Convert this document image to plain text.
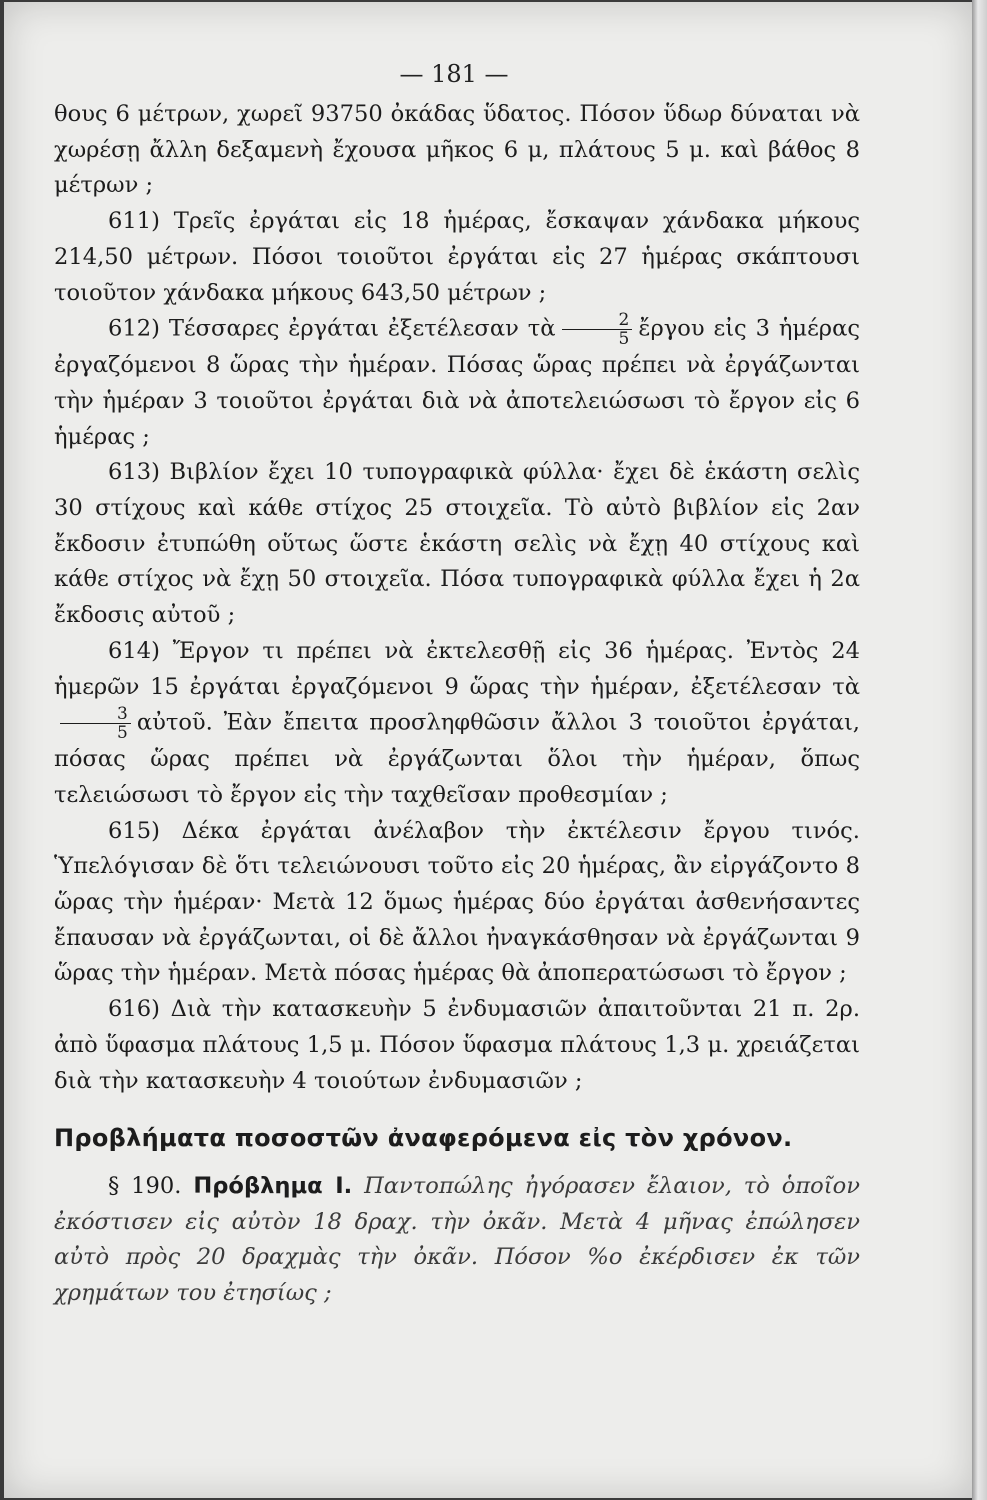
— 181 —

θους 6 μέτρων, χωρεῖ 93750 ὀκάδας ὕδατος. Πόσον ὕδωρ δύναται νὰ χωρέσῃ ἄλλη δεξαμενὴ ἔχουσα μῆκος 6 μ, πλάτους 5 μ. καὶ βάθος 8 μέτρων ;

611) Τρεῖς ἐργάται εἰς 18 ἡμέρας, ἔσκαψαν χάνδακα μήκους 214,50 μέτρων. Πόσοι τοιοῦτοι ἐργάται εἰς 27 ἡμέρας σκάπτουσι τοιοῦτον χάνδακα μήκους 643,50 μέτρων ;

612) Τέσσαρες ἐργάται ἐξετέλεσαν τὰ $\frac{2}{5}$ ἔργου εἰς 3 ἡμέρας ἐργαζόμενοι 8 ὥρας τὴν ἡμέραν. Πόσας ὥρας πρέπει νὰ ἐργάζωνται τὴν ἡμέραν 3 τοιοῦτοι ἐργάται διὰ νὰ ἀποτελειώσωσι τὸ ἔργον εἰς 6 ἡμέρας ;

613) Βιβλίον ἔχει 10 τυπογραφικὰ φύλλα· ἔχει δὲ ἑκάστη σελὶς 30 στίχους καὶ κάθε στίχος 25 στοιχεῖα. Τὸ αὐτὸ βιβλίον εἰς 2αν ἔκδοσιν ἐτυπώθη οὕτως ὥστε ἑκάστη σελὶς νὰ ἔχῃ 40 στίχους καὶ κάθε στίχος νὰ ἔχῃ 50 στοιχεῖα. Πόσα τυπογραφικὰ φύλλα ἔχει ἡ 2α ἔκδοσις αὐτοῦ ;

614) Ἔργον τι πρέπει νὰ ἐκτελεσθῇ εἰς 36 ἡμέρας. Ἐντὸς 24 ἡμερῶν 15 ἐργάται ἐργαζόμενοι 9 ὥρας τὴν ἡμέραν, ἐξετέλεσαν τὰ
$\frac{3}{5}$ αὐτοῦ. Ἐὰν ἔπειτα προσληφθῶσιν ἄλλοι 3 τοιοῦτοι ἐργάται, πόσας ὥρας πρέπει νὰ ἐργάζωνται ὅλοι τὴν ἡμέραν, ὅπως τελειώσωσι τὸ ἔργον εἰς τὴν ταχθεῖσαν προθεσμίαν ;

615) Δέκα ἐργάται ἀνέλαβον τὴν ἐκτέλεσιν ἔργου τινός. Ὑπελόγισαν δὲ ὅτι τελειώνουσι τοῦτο εἰς 20 ἡμέρας, ἂν εἰργάζοντο 8 ὥρας τὴν ἡμέραν· Μετὰ 12 ὅμως ἡμέρας δύο ἐργάται ἀσθενήσαντες ἔπαυσαν νὰ ἐργάζωνται, οἱ δὲ ἄλλοι ἠναγκάσθησαν νὰ ἐργάζωνται 9 ὥρας τὴν ἡμέραν. Μετὰ πόσας ἡμέρας θὰ ἀποπερατώσωσι τὸ ἔργον ;

616) Διὰ τὴν κατασκευὴν 5 ἐνδυμασιῶν ἀπαιτοῦνται 21 π. 2ρ. ἀπὸ ὕφασμα πλάτους 1,5 μ. Πόσον ὕφασμα πλάτους 1,3 μ. χρειάζεται διὰ τὴν κατασκευὴν 4 τοιούτων ἐνδυμασιῶν ;

Προβλήματα ποσοστῶν ἀναφερόμενα εἰς τὸν χρόνον.

§ 190. Πρόβλημα I. Παντοπώλης ἠγόρασεν ἔλαιον, τὸ ὁποῖον ἐκόστισεν εἰς αὐτὸν 18 δραχ. τὴν ὀκᾶν. Μετὰ 4 μῆνας ἐπώλησεν αὐτὸ πρὸς 20 δραχμὰς τὴν ὀκᾶν. Πόσον %ο ἐκέρδισεν ἐκ τῶν χρημάτων του ἐτησίως ;
